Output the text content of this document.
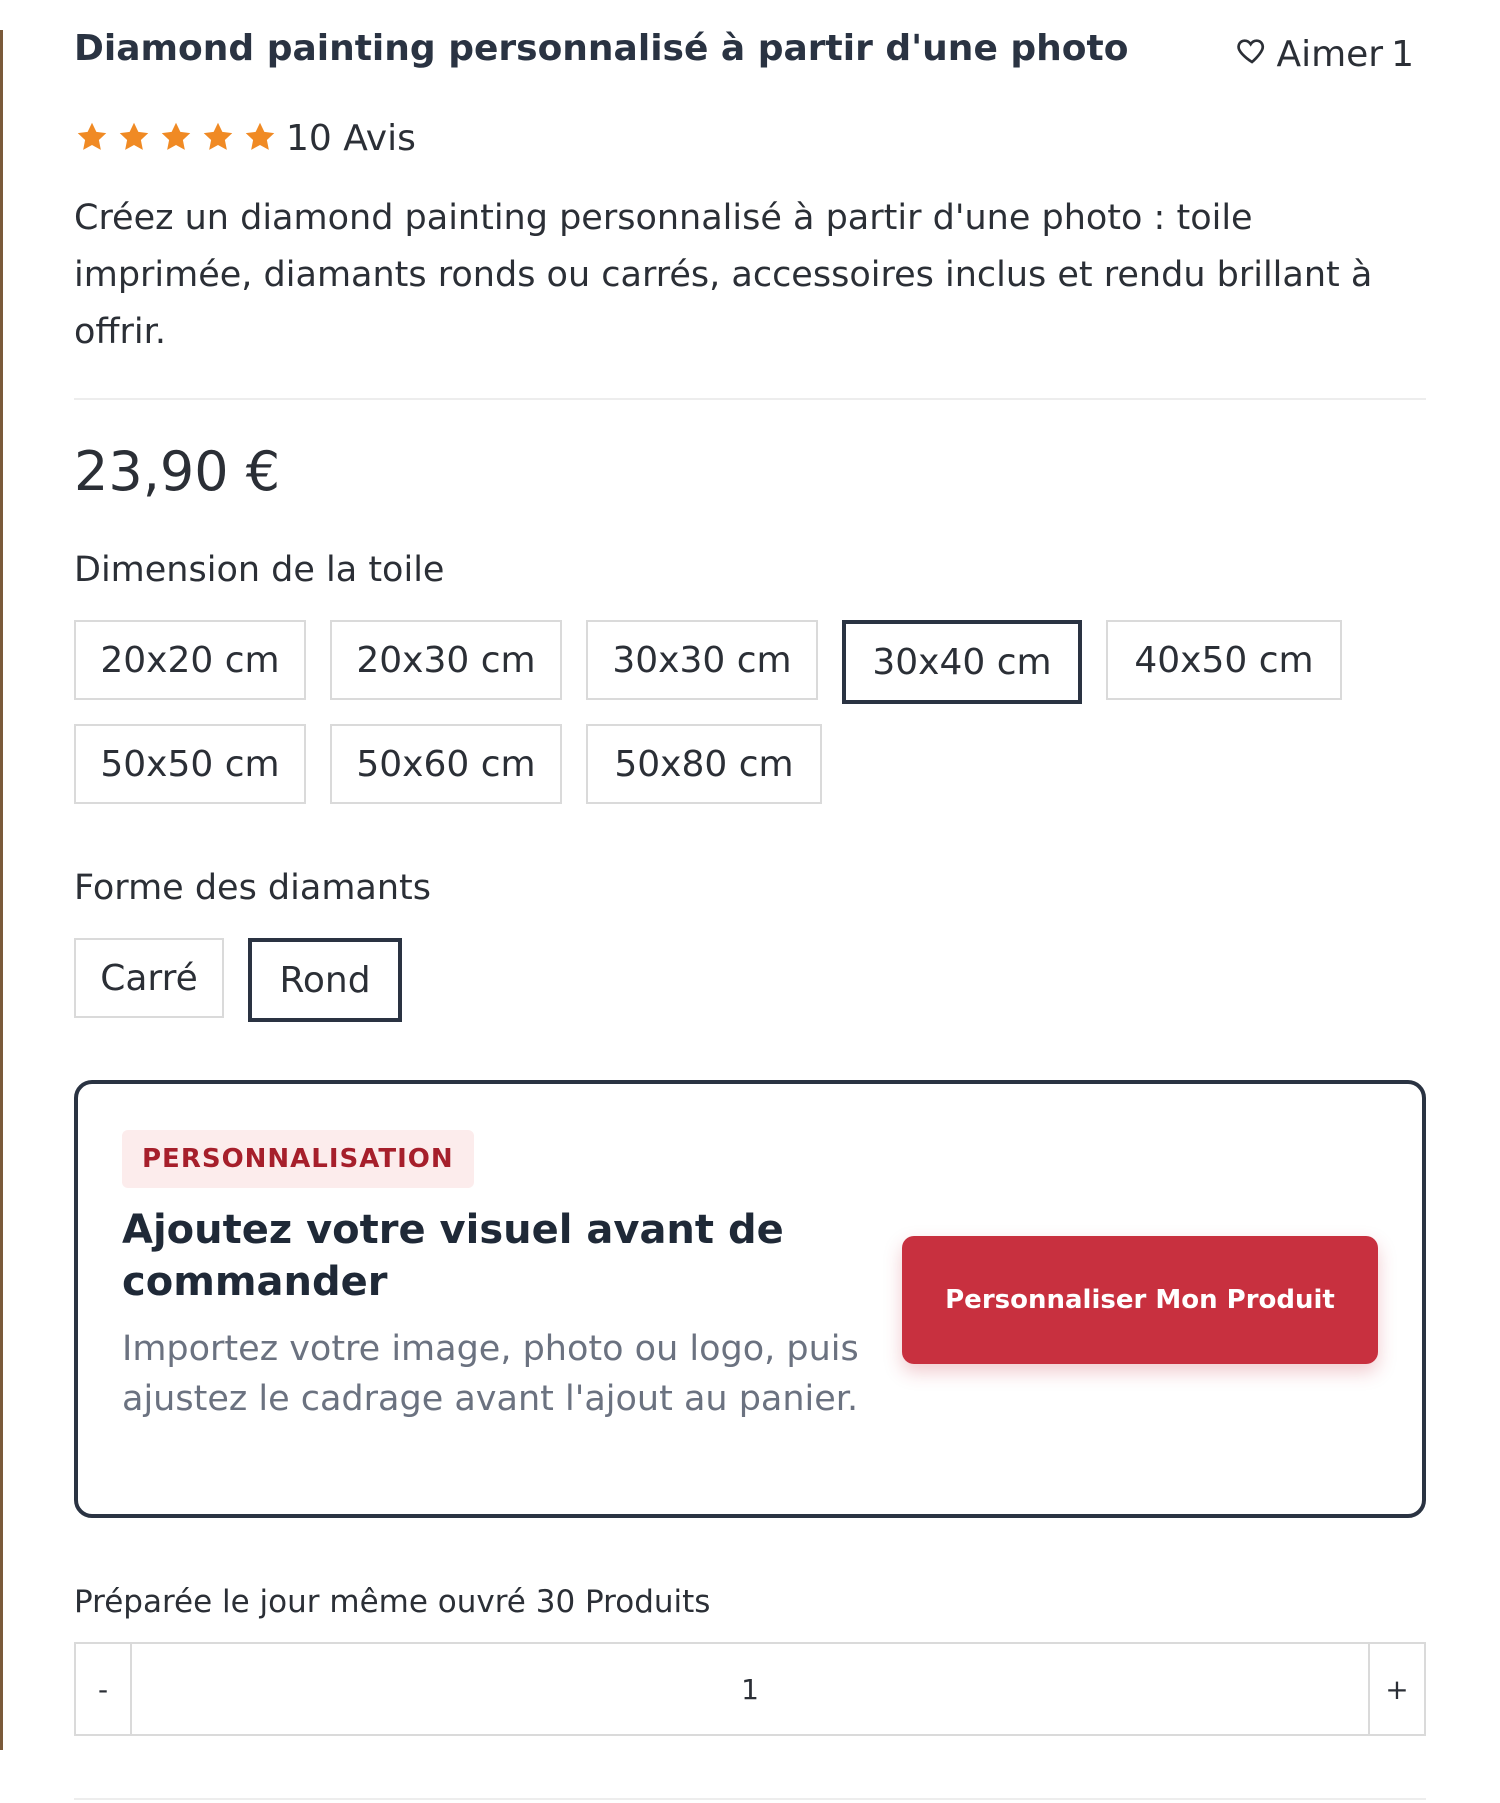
Diamond painting personnalisé à partir d'une photo	Aimer 1
10 Avis
Créez un diamond painting personnalisé à partir d'une photo : toile imprimée, diamants ronds ou carrés, accessoires inclus et rendu brillant à offrir.
23,90 €
Dimension de la toile
20x20 cm	20x30 cm	30x30 cm	30x40 cm	40x50 cm
50x50 cm	50x60 cm	50x80 cm
Forme des diamants
Carré	Rond
PERSONNALISATION
Ajoutez votre visuel avant de commander
Importez votre image, photo ou logo, puis ajustez le cadrage avant l'ajout au panier.
Personnaliser Mon Produit
Préparée le jour même ouvré 30 Produits
-
1	+
